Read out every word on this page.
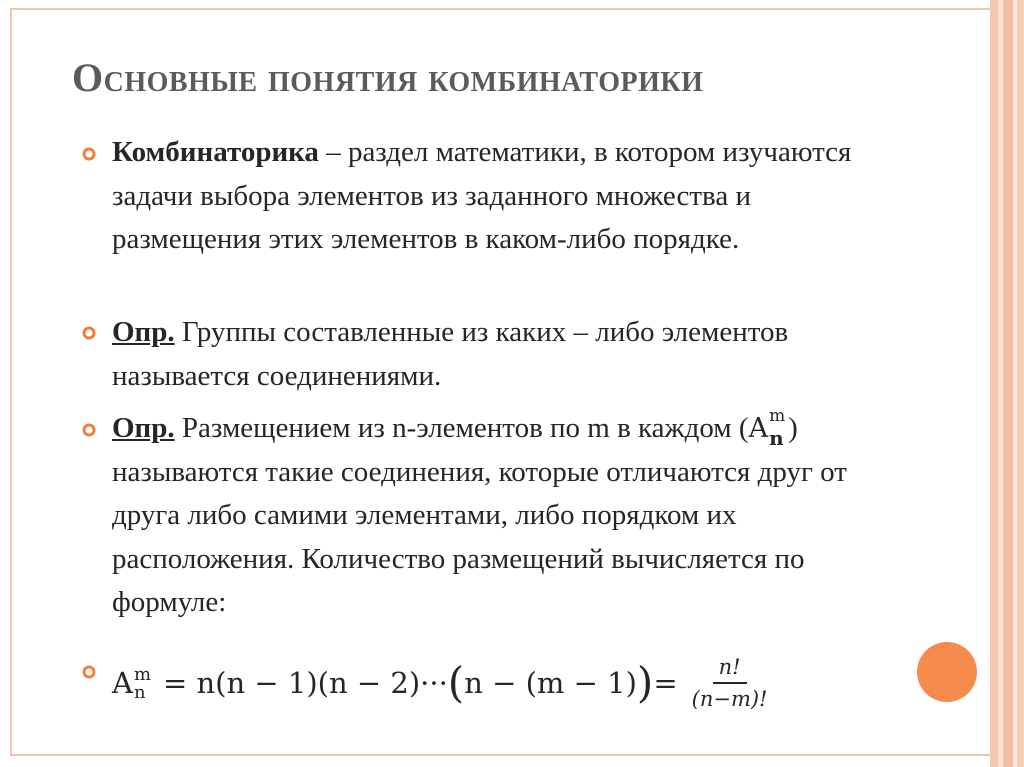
Основные понятия комбинаторики
Комбинаторика – раздел математики, в котором изучаются задачи выбора элементов из заданного множества и размещения этих элементов в каком-либо порядке.
Опр. Группы составленные из каких – либо элементов называется соединениями.
Опр. Размещением из n-элементов по m в каждом (A m
n ) называются такие соединения, которые отличаются друг от друга либо самими элементами, либо порядком их расположения. Количество размещений вычисляется по формуле:
A m
n = n(n − 1)(n − 2)··· ( n − (m − 1) ) = $\frac{n!}{(n-m)!}$
